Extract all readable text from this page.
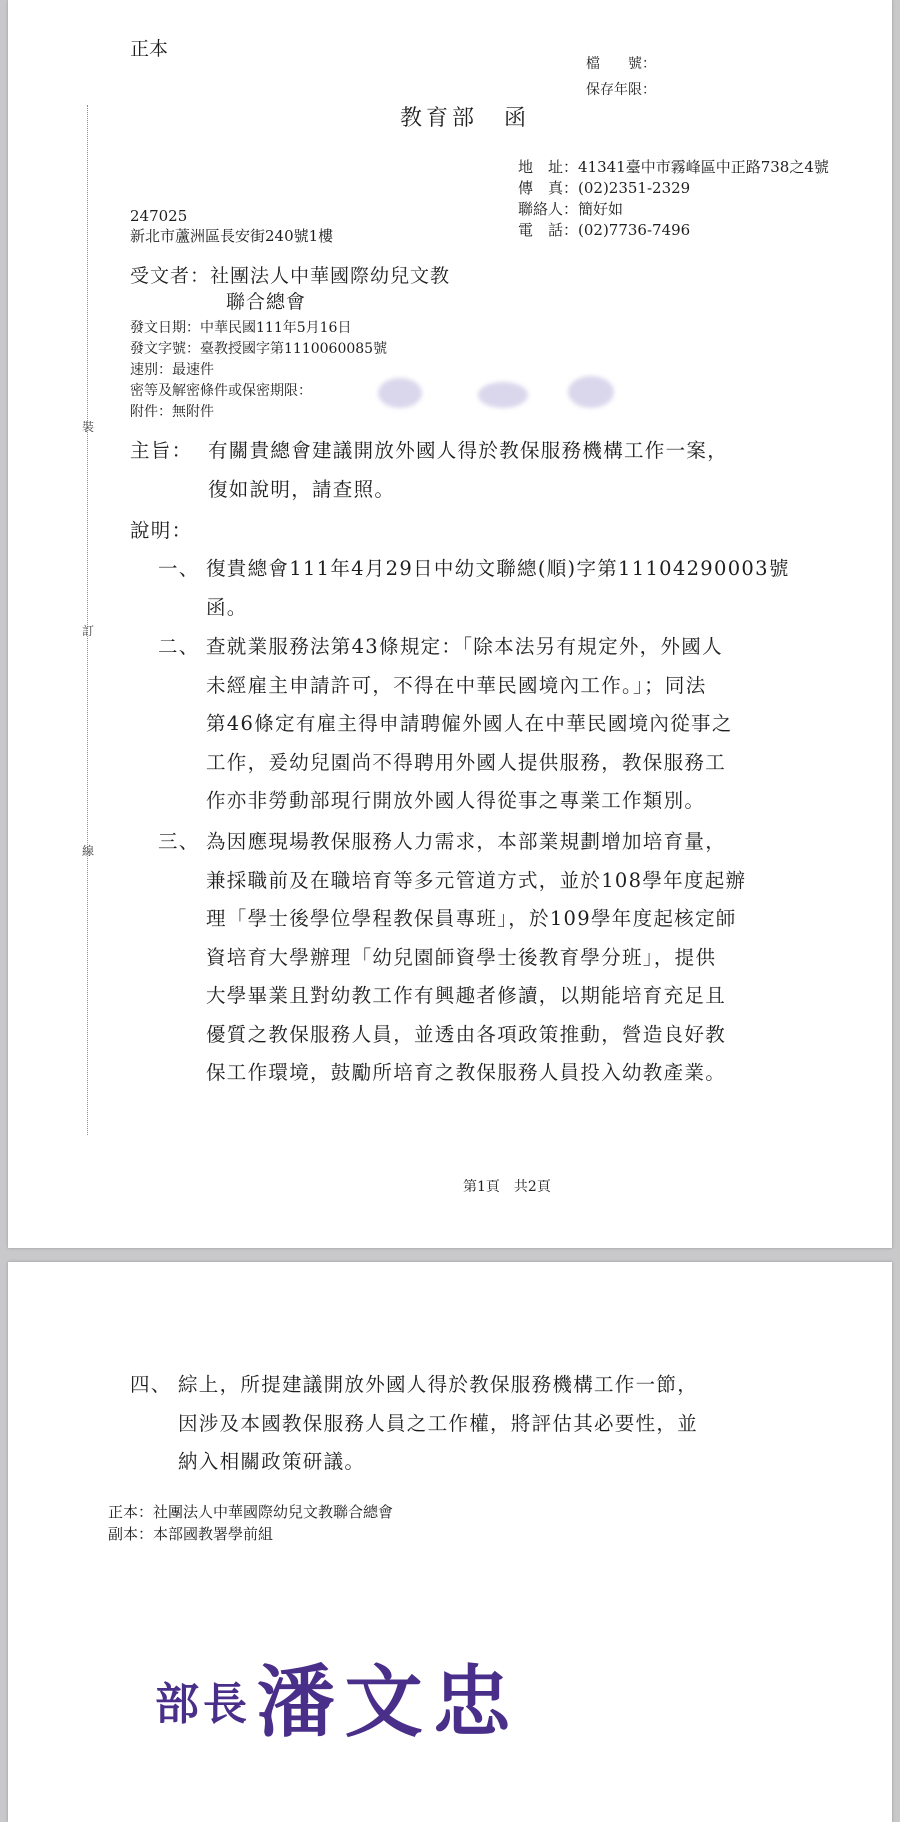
正本
檔　　號：
保存年限：
教育部　函
地　址：41341臺中市霧峰區中正路738之4號
傳　真：(02)2351-2329
聯絡人：簡好如
電　話：(02)7736-7496
247025
新北市蘆洲區長安街240號1樓
受文者：社團法人中華國際幼兒文教
聯合總會
發文日期：中華民國111年5月16日
發文字號：臺教授國字第1110060085號
速別：最速件
密等及解密條件或保密期限：
附件：無附件
裝
訂
線
主旨： 有關貴總會建議開放外國人得於教保服務機構工作一案，
復如說明，請查照。
說明：
一、 復貴總會111年4月29日中幼文聯總(順)字第11104290003號
函。
二、 查就業服務法第43條規定：「除本法另有規定外，外國人
未經雇主申請許可，不得在中華民國境內工作。」；同法
第46條定有雇主得申請聘僱外國人在中華民國境內從事之
工作，爰幼兒園尚不得聘用外國人提供服務，教保服務工
作亦非勞動部現行開放外國人得從事之專業工作類別。
三、 為因應現場教保服務人力需求，本部業規劃增加培育量，
兼採職前及在職培育等多元管道方式，並於108學年度起辦
理「學士後學位學程教保員專班」，於109學年度起核定師
資培育大學辦理「幼兒園師資學士後教育學分班」，提供
大學畢業且對幼教工作有興趣者修讀，以期能培育充足且
優質之教保服務人員，並透由各項政策推動，營造良好教
保工作環境，鼓勵所培育之教保服務人員投入幼教產業。
第1頁　共2頁
四、 綜上，所提建議開放外國人得於教保服務機構工作一節，
因涉及本國教保服務人員之工作權，將評估其必要性，並
納入相關政策研議。
正本：社團法人中華國際幼兒文教聯合總會
副本：本部國教署學前組
部長 潘文忠
